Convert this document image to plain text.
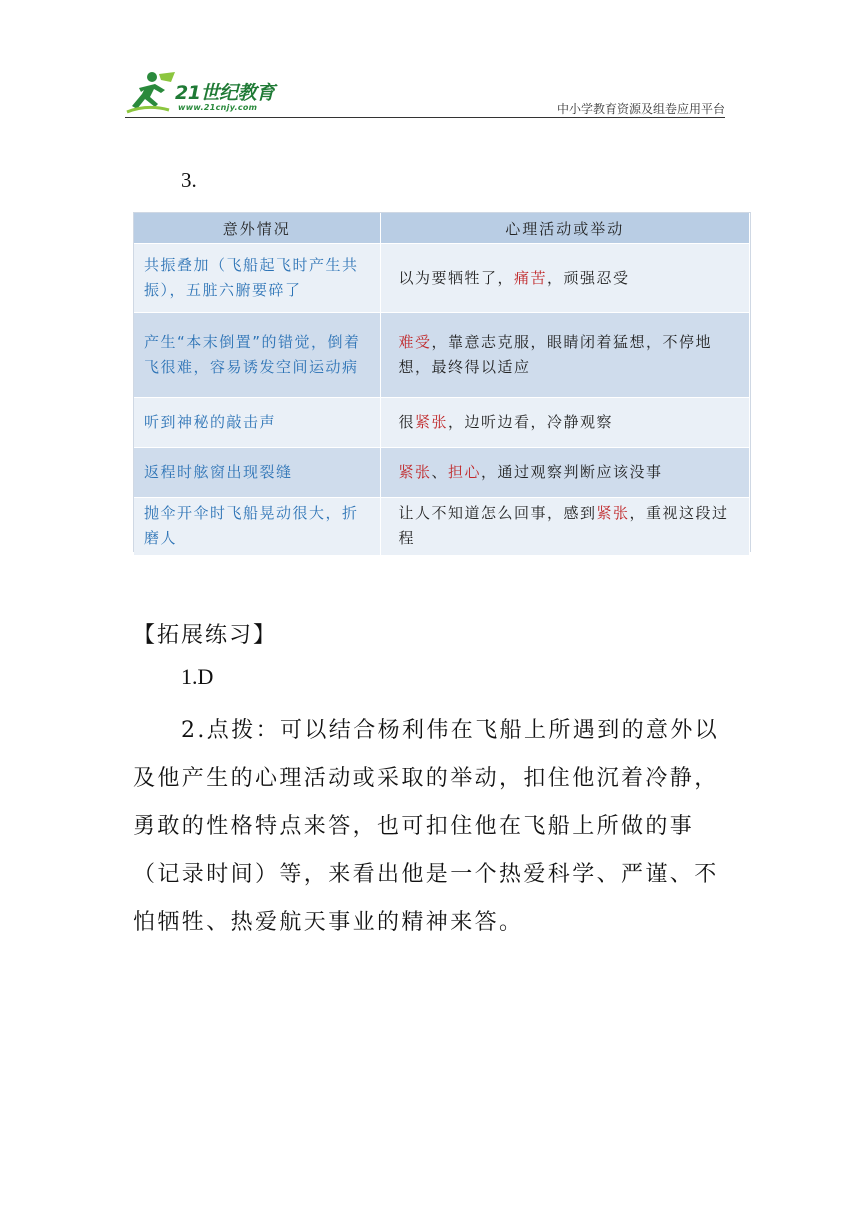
21世纪教育
www.21cnjy.com	中小学教育资源及组卷应用平台
3.
意外情况	心理活动或举动
共振叠加（飞船起飞时产生共振），五脏六腑要碎了	以为要牺牲了，痛苦，顽强忍受
产生“本末倒置”的错觉，倒着飞很难，容易诱发空间运动病	难受，靠意志克服，眼睛闭着猛想，不停地想，最终得以适应
听到神秘的敲击声	很紧张，边听边看，冷静观察
返程时舷窗出现裂缝	紧张、担心，通过观察判断应该没事
抛伞开伞时飞船晃动很大，折磨人	让人不知道怎么回事，感到紧张，重视这段过程
【拓展练习】
1.D

2.点拨：可以结合杨利伟在飞船上所遇到的意外以及他产生的心理活动或采取的举动，扣住他沉着冷静，勇敢的性格特点来答，也可扣住他在飞船上所做的事（记录时间）等，来看出他是一个热爱科学、严谨、不怕牺牲、热爱航天事业的精神来答。
